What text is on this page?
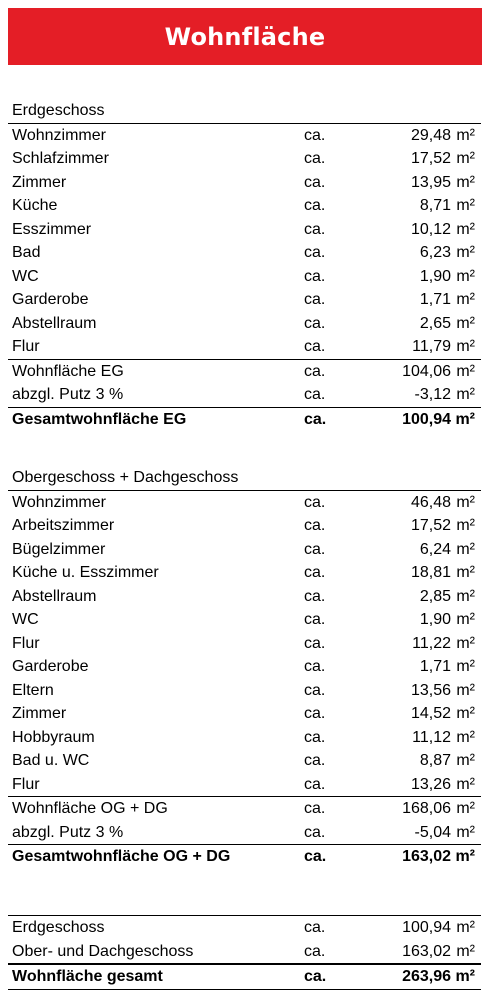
Wohnfläche
Erdgeschoss
Wohnzimmer	ca.	29,48 m²
Schlafzimmer	ca.	17,52 m²
Zimmer	ca.	13,95 m²
Küche	ca.	8,71 m²
Esszimmer	ca.	10,12 m²
Bad	ca.	6,23 m²
WC	ca.	1,90 m²
Garderobe	ca.	1,71 m²
Abstellraum	ca.	2,65 m²
Flur	ca.	11,79 m²
Wohnfläche EG	ca.	104,06 m²
abzgl. Putz 3 %	ca.	-3,12 m²
Gesamtwohnfläche EG	ca.	100,94 m²
Obergeschoss + Dachgeschoss
Wohnzimmer	ca.	46,48 m²
Arbeitszimmer	ca.	17,52 m²
Bügelzimmer	ca.	6,24 m²
Küche u. Esszimmer	ca.	18,81 m²
Abstellraum	ca.	2,85 m²
WC	ca.	1,90 m²
Flur	ca.	11,22 m²
Garderobe	ca.	1,71 m²
Eltern	ca.	13,56 m²
Zimmer	ca.	14,52 m²
Hobbyraum	ca.	11,12 m²
Bad u. WC	ca.	8,87 m²
Flur	ca.	13,26 m²
Wohnfläche OG + DG	ca.	168,06 m²
abzgl. Putz 3 %	ca.	-5,04 m²
Gesamtwohnfläche OG + DG	ca.	163,02 m²
Erdgeschoss	ca.	100,94 m²
Ober- und Dachgeschoss	ca.	163,02 m²
Wohnfläche gesamt	ca.	263,96 m²
